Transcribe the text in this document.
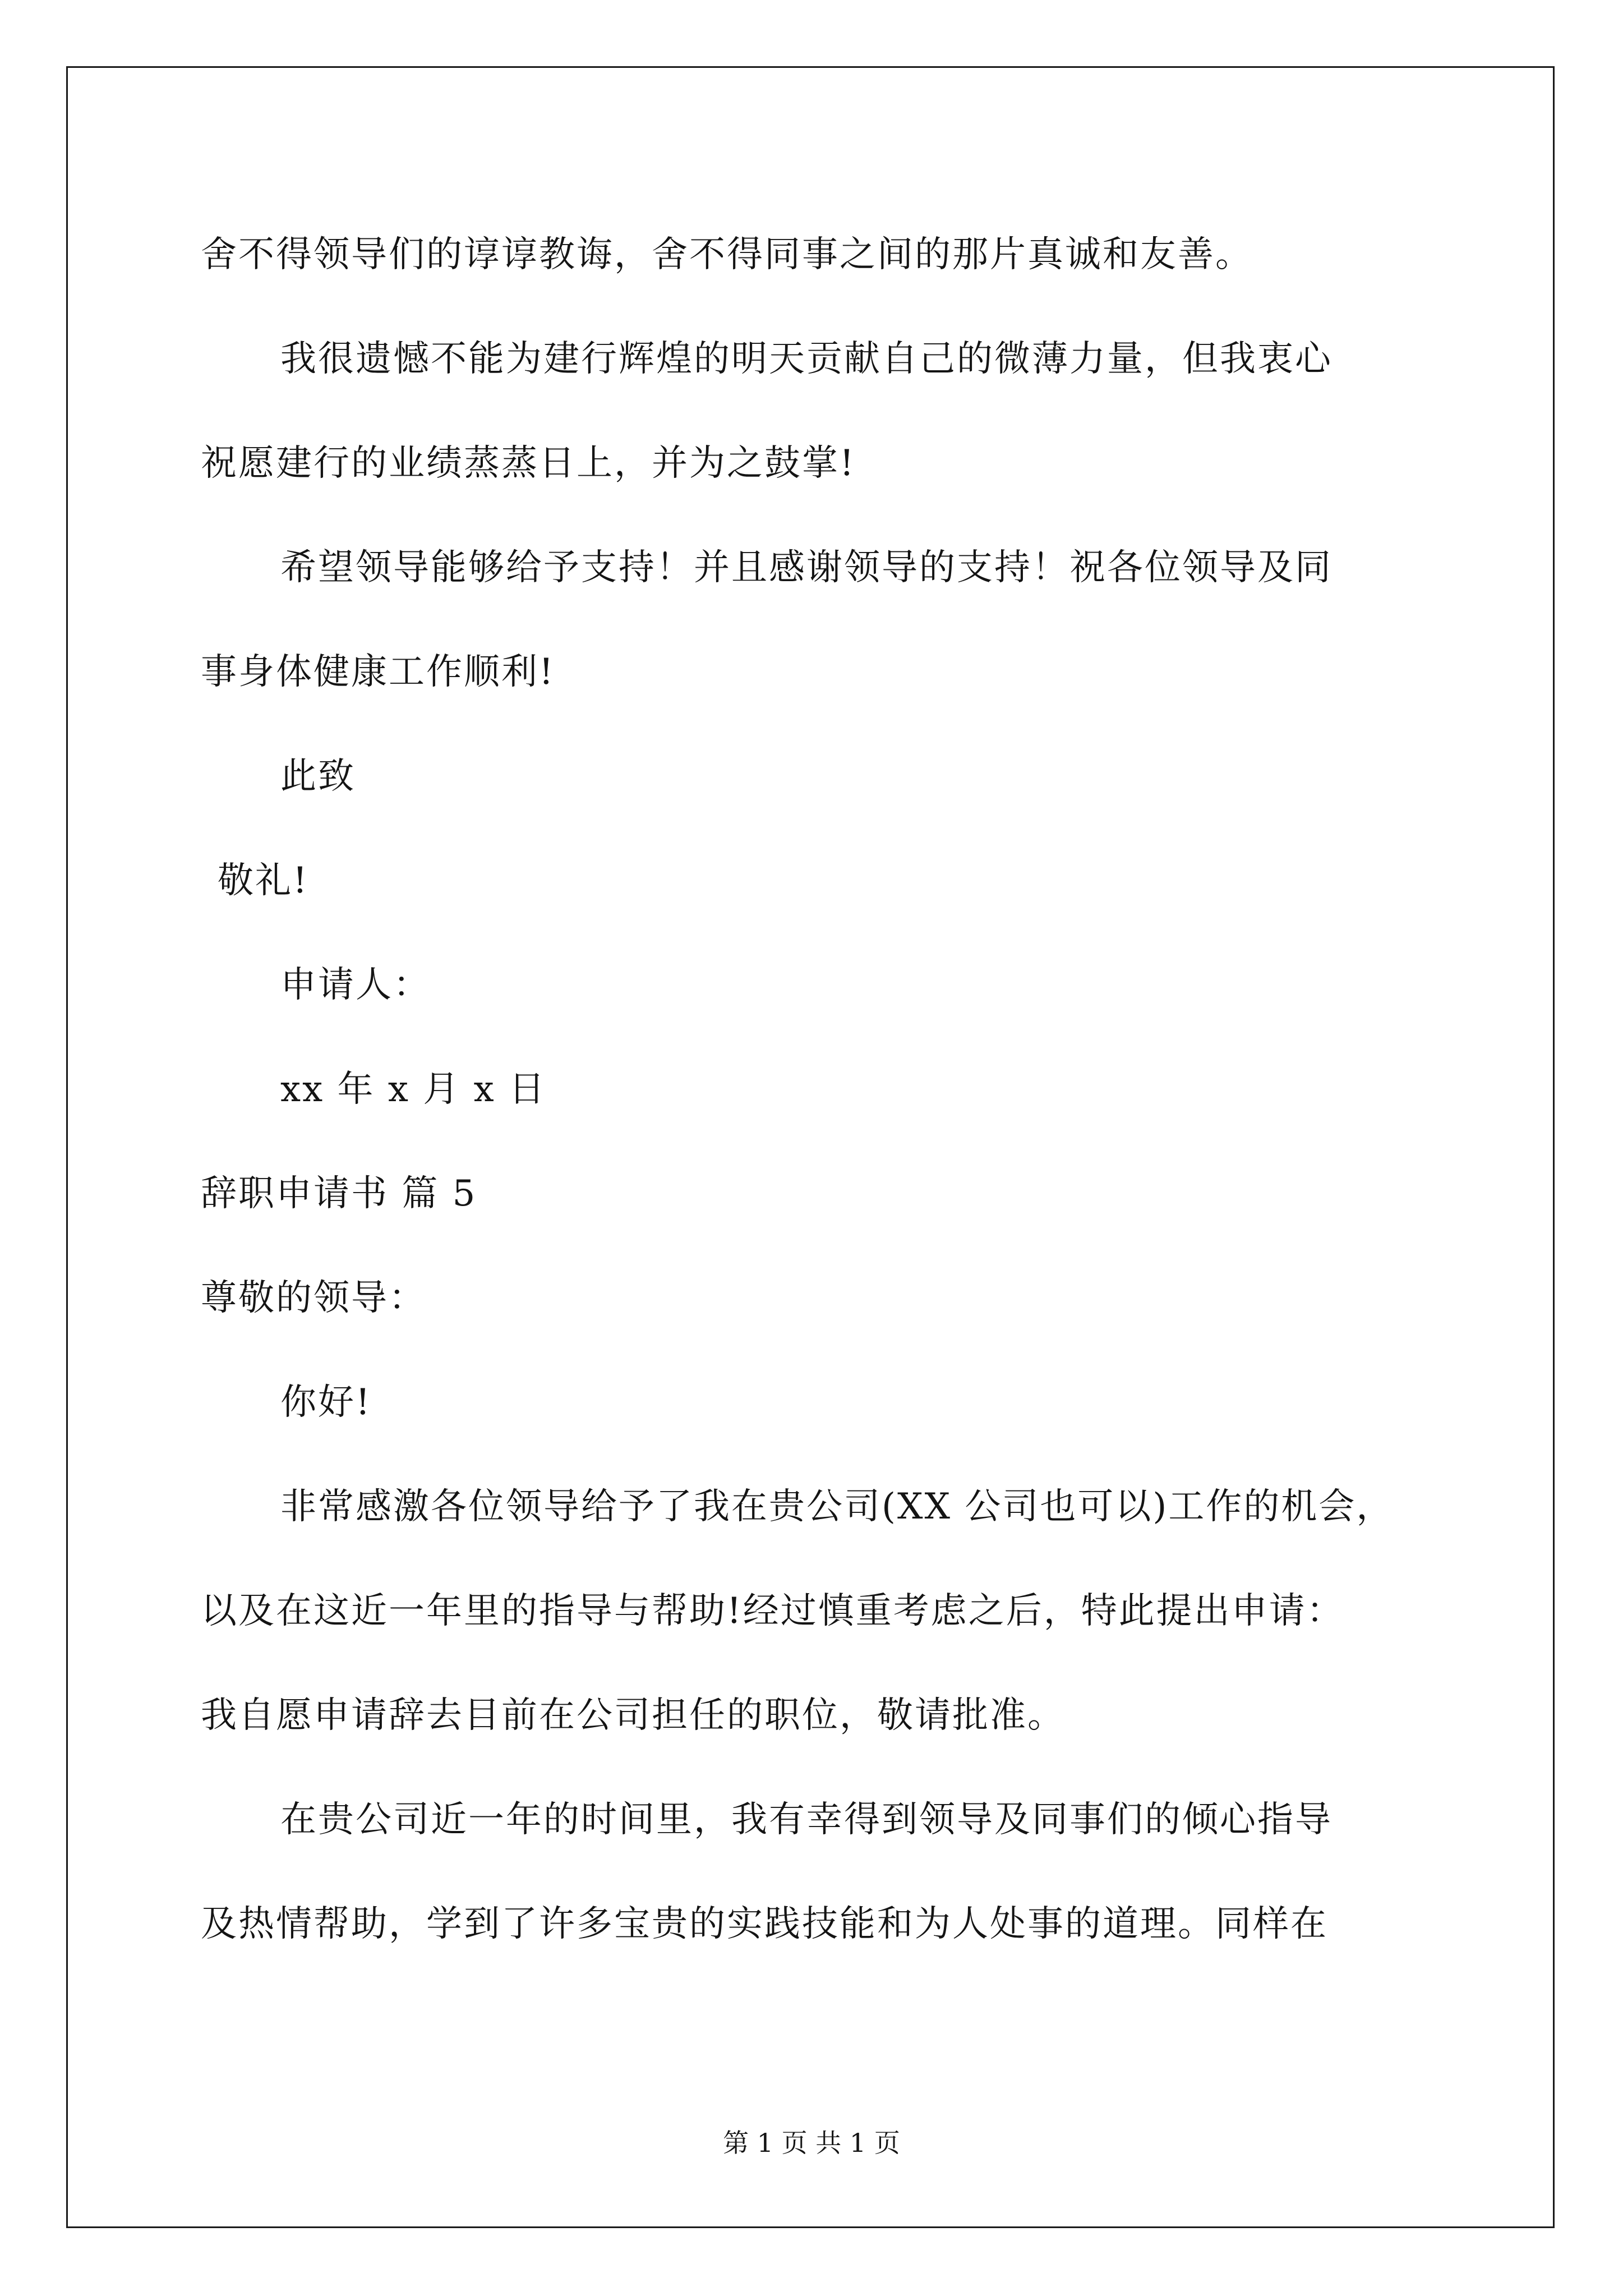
舍不得领导们的谆谆教诲，舍不得同事之间的那片真诚和友善。
我很遗憾不能为建行辉煌的明天贡献自己的微薄力量，但我衷心
祝愿建行的业绩蒸蒸日上，并为之鼓掌!
希望领导能够给予支持！并且感谢领导的支持！祝各位领导及同
事身体健康工作顺利!
此致
敬礼!
申请人：
xx 年 x 月 x 日
辞职申请书 篇 5
尊敬的领导：
你好!
非常感激各位领导给予了我在贵公司(XX 公司也可以)工作的机会，
以及在这近一年里的指导与帮助!经过慎重考虑之后，特此提出申请：
我自愿申请辞去目前在公司担任的职位，敬请批准。
在贵公司近一年的时间里，我有幸得到领导及同事们的倾心指导
及热情帮助，学到了许多宝贵的实践技能和为人处事的道理。同样在
第 1 页 共 1 页
